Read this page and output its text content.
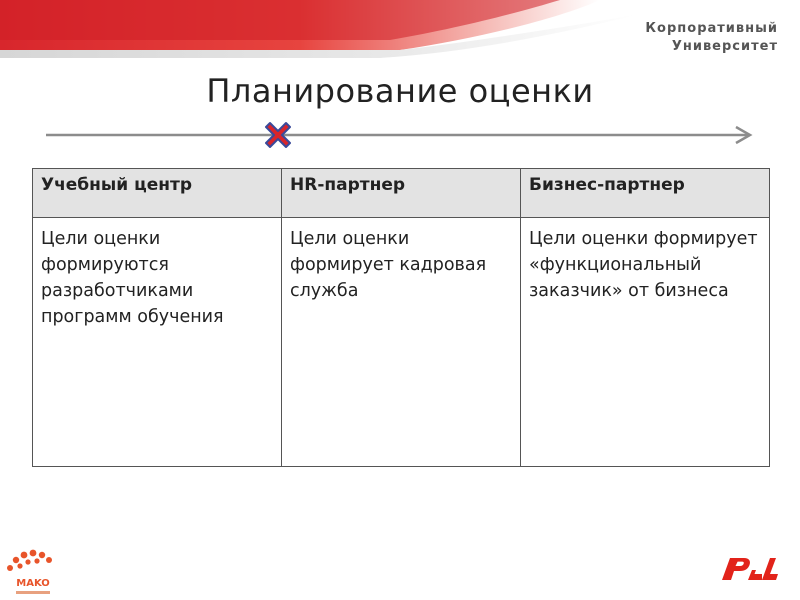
Корпоративный
Университет
Планирование оценки
Учебный центр	HR-партнер	Бизнес-партнер
Цели оценки формируются разработчиками программ обучения	Цели оценки формирует кадровая служба	Цели оценки формирует «функциональный заказчик» от бизнеса
MAKO
